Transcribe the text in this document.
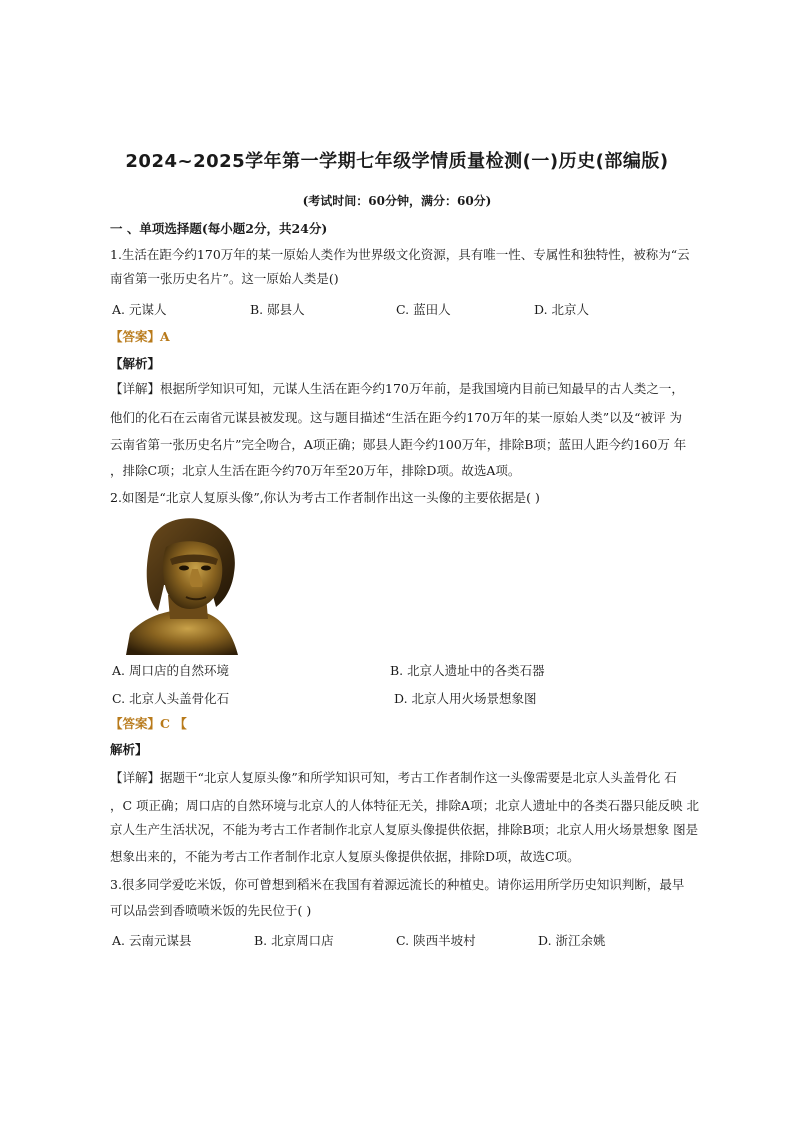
2024~2025学年第一学期七年级学情质量检测(一)历史(部编版)
(考试时间：60分钟，满分：60分)
一 、单项选择题(每小题2分，共24分)
1.生活在距今约170万年的某一原始人类作为世界级文化资源，具有唯一性、专属性和独特性，被称为“云
南省第一张历史名片”。这一原始人类是()
A. 元谋人	B. 郧县人	C. 蓝田人	D. 北京人
【答案】A
【解析】
【详解】根据所学知识可知，元谋人生活在距今约170万年前，是我国境内目前已知最早的古人类之一，
他们的化石在云南省元谋县被发现。这与题目描述“生活在距今约170万年的某一原始人类”以及“被评 为
云南省第一张历史名片”完全吻合，A项正确；郧县人距今约100万年，排除B项；蓝田人距今约160万 年
，排除C项；北京人生活在距今约70万年至20万年，排除D项。故选A项。
2.如图是“北京人复原头像”,你认为考古工作者制作出这一头像的主要依据是( )
A. 周口店的自然环境	B. 北京人遗址中的各类石器
C. 北京人头盖骨化石	D. 北京人用火场景想象图
【答案】C 【
解析】
【详解】据题干“北京人复原头像”和所学知识可知，考古工作者制作这一头像需要是北京人头盖骨化 石
，C 项正确；周口店的自然环境与北京人的人体特征无关，排除A项；北京人遗址中的各类石器只能反映 北
京人生产生活状况，不能为考古工作者制作北京人复原头像提供依据，排除B项；北京人用火场景想象 图是
想象出来的，不能为考古工作者制作北京人复原头像提供依据，排除D项，故选C项。
3.很多同学爱吃米饭，你可曾想到稻米在我国有着源远流长的种植史。请你运用所学历史知识判断，最早
可以品尝到香喷喷米饭的先民位于( )
A. 云南元谋县	B. 北京周口店	C. 陕西半坡村	D. 浙江余姚
